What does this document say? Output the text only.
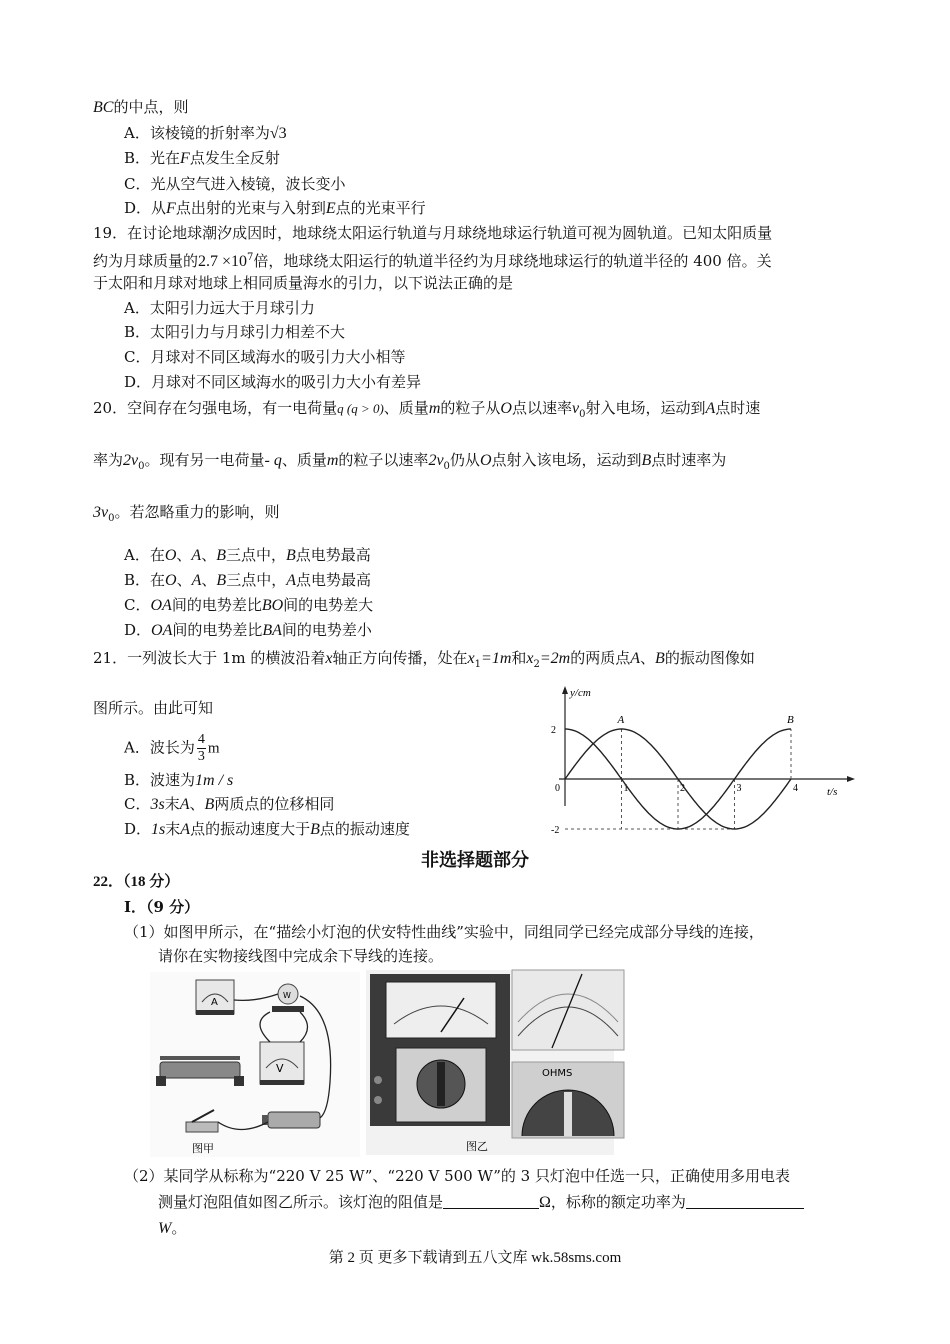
BC的中点，则
A．该棱镜的折射率为√3
B．光在F点发生全反射
C．光从空气进入棱镜，波长变小
D．从F点出射的光束与入射到E点的光束平行
19．在讨论地球潮汐成因时，地球绕太阳运行轨道与月球绕地球运行轨道可视为圆轨道。已知太阳质量
约为月球质量的$2.7 \times 10^7$倍，地球绕太阳运行的轨道半径约为月球绕地球运行的轨道半径的 400 倍。关
于太阳和月球对地球上相同质量海水的引力，以下说法正确的是
A．太阳引力远大于月球引力
B．太阳引力与月球引力相差不大
C．月球对不同区域海水的吸引力大小相等
D．月球对不同区域海水的吸引力大小有差异
20．空间存在匀强电场，有一电荷量q (q > 0)、质量m的粒子从O点以速率$v_0$射入电场，运动到A点时速
率为$2v_0$。现有另一电荷量- q、质量m的粒子以速率$2v_0$仍从O点射入该电场，运动到B点时速率为
$3v_0$。若忽略重力的影响，则
A．在O、A、B三点中，B点电势最高
B．在O、A、B三点中，A点电势最高
C．OA间的电势差比BO间的电势差大
D．OA间的电势差比BA间的电势差小
21．一列波长大于 1m 的横波沿着x轴正方向传播，处在$x_1=1m$和$x_2=2m$的两质点A、B的振动图像如
图所示。由此可知
A．波长为 $\frac{4}{3}$ m
B．波速为1m / s
C．3s末A、B两质点的位移相同
D．1s末A点的振动速度大于B点的振动速度
y/cm
t/s
0	1	2	3	4
2
-2
A	B
非选择题部分
22．（18 分）
Ⅰ．（9 分）
（1）如图甲所示，在“描绘小灯泡的伏安特性曲线”实验中，同组同学已经完成部分导线的连接，
请你在实物接线图中完成余下导线的连接。
A
W
V
图甲	图乙
OHMS
（2）某同学从标称为“220 V 25 W”、“220 V 500 W”的 3 只灯泡中任选一只，正确使用多用电表
测量灯泡阻值如图乙所示。该灯泡的阻值是	Ω，标称的额定功率为
W。
第 2 页 更多下载请到五八文库 wk.58sms.com
